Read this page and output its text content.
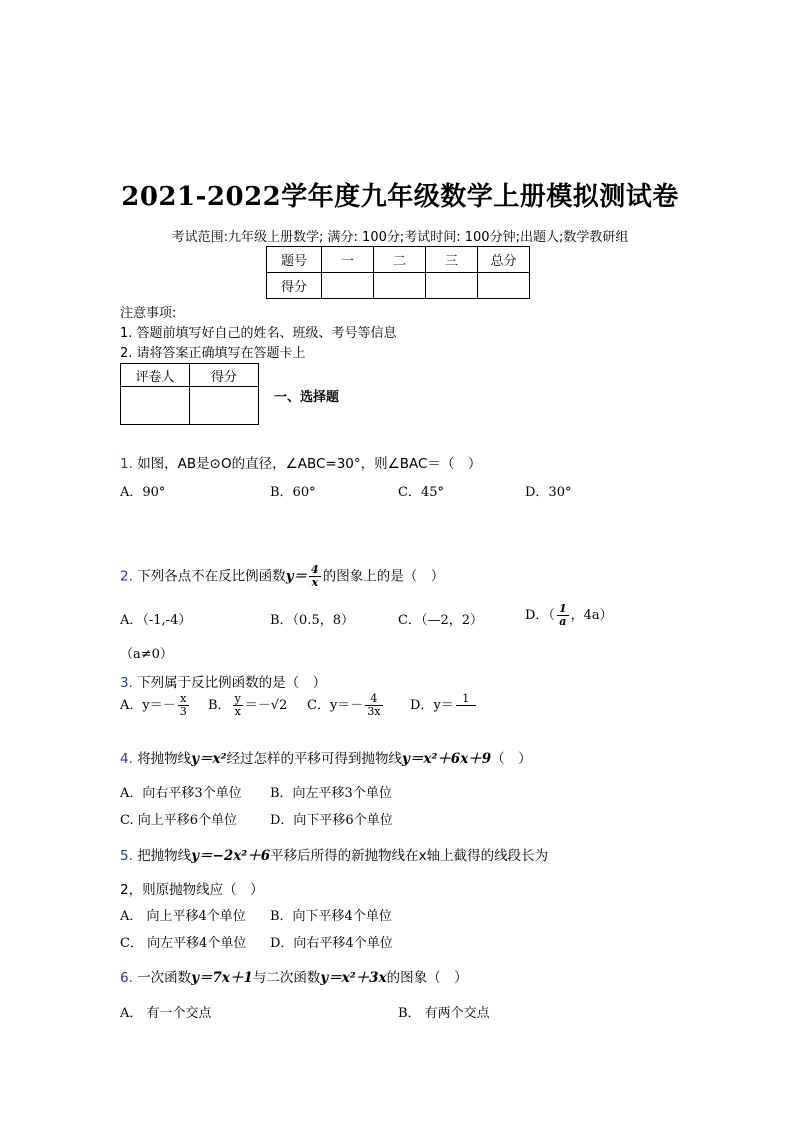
2021-2022学年度九年级数学上册模拟测试卷
考试范围:九年级上册数学; 满分: 100分;考试时间: 100分钟;出题人;数学教研组
题号	一	二	三	总分
得分				
注意事项:
1. 答题前填写好自己的姓名、班级、考号等信息
2. 请将答案正确填写在答题卡上
评卷人	得分

一、选择题
1. 如图，AB是⊙O的直径，∠ABC=30°，则∠BAC＝（　）
A．90°	B．60°	C．45°	D．30°
2. 下列各点不在反比例函数$y= \frac{4}{x}$ 的图象上的是（　）
A．（-1,-4）	B．（0.5，8）	C．（—2，2）	D．（ $\frac{1}{a}$ ，4a）
（a≠0）
3. 下列属于反比例函数的是（　）
A．$y=- \frac{x}{3}$ B． $\frac{y}{x} =-√2$ C．$y=- \frac{4}{3x}$ D．y＝ 1
4. 将抛物线y＝x²经过怎样的平移可得到抛物线y＝x²＋6x＋9（　）
A．向右平移3个单位 B．向左平移3个单位
C. 向上平移6个单位	D．向下平移6个单位
5. 把抛物线y＝−2x²＋6平移后所得的新抛物线在x轴上截得的线段长为
2，则原抛物线应（　）
A． 向上平移4个单位 B．向下平移4个单位
C． 向左平移4个单位 D．向右平移4个单位
6. 一次函数y＝7x＋1与二次函数y＝x²＋3x的图象（　）
A． 有一个交点	B． 有两个交点
